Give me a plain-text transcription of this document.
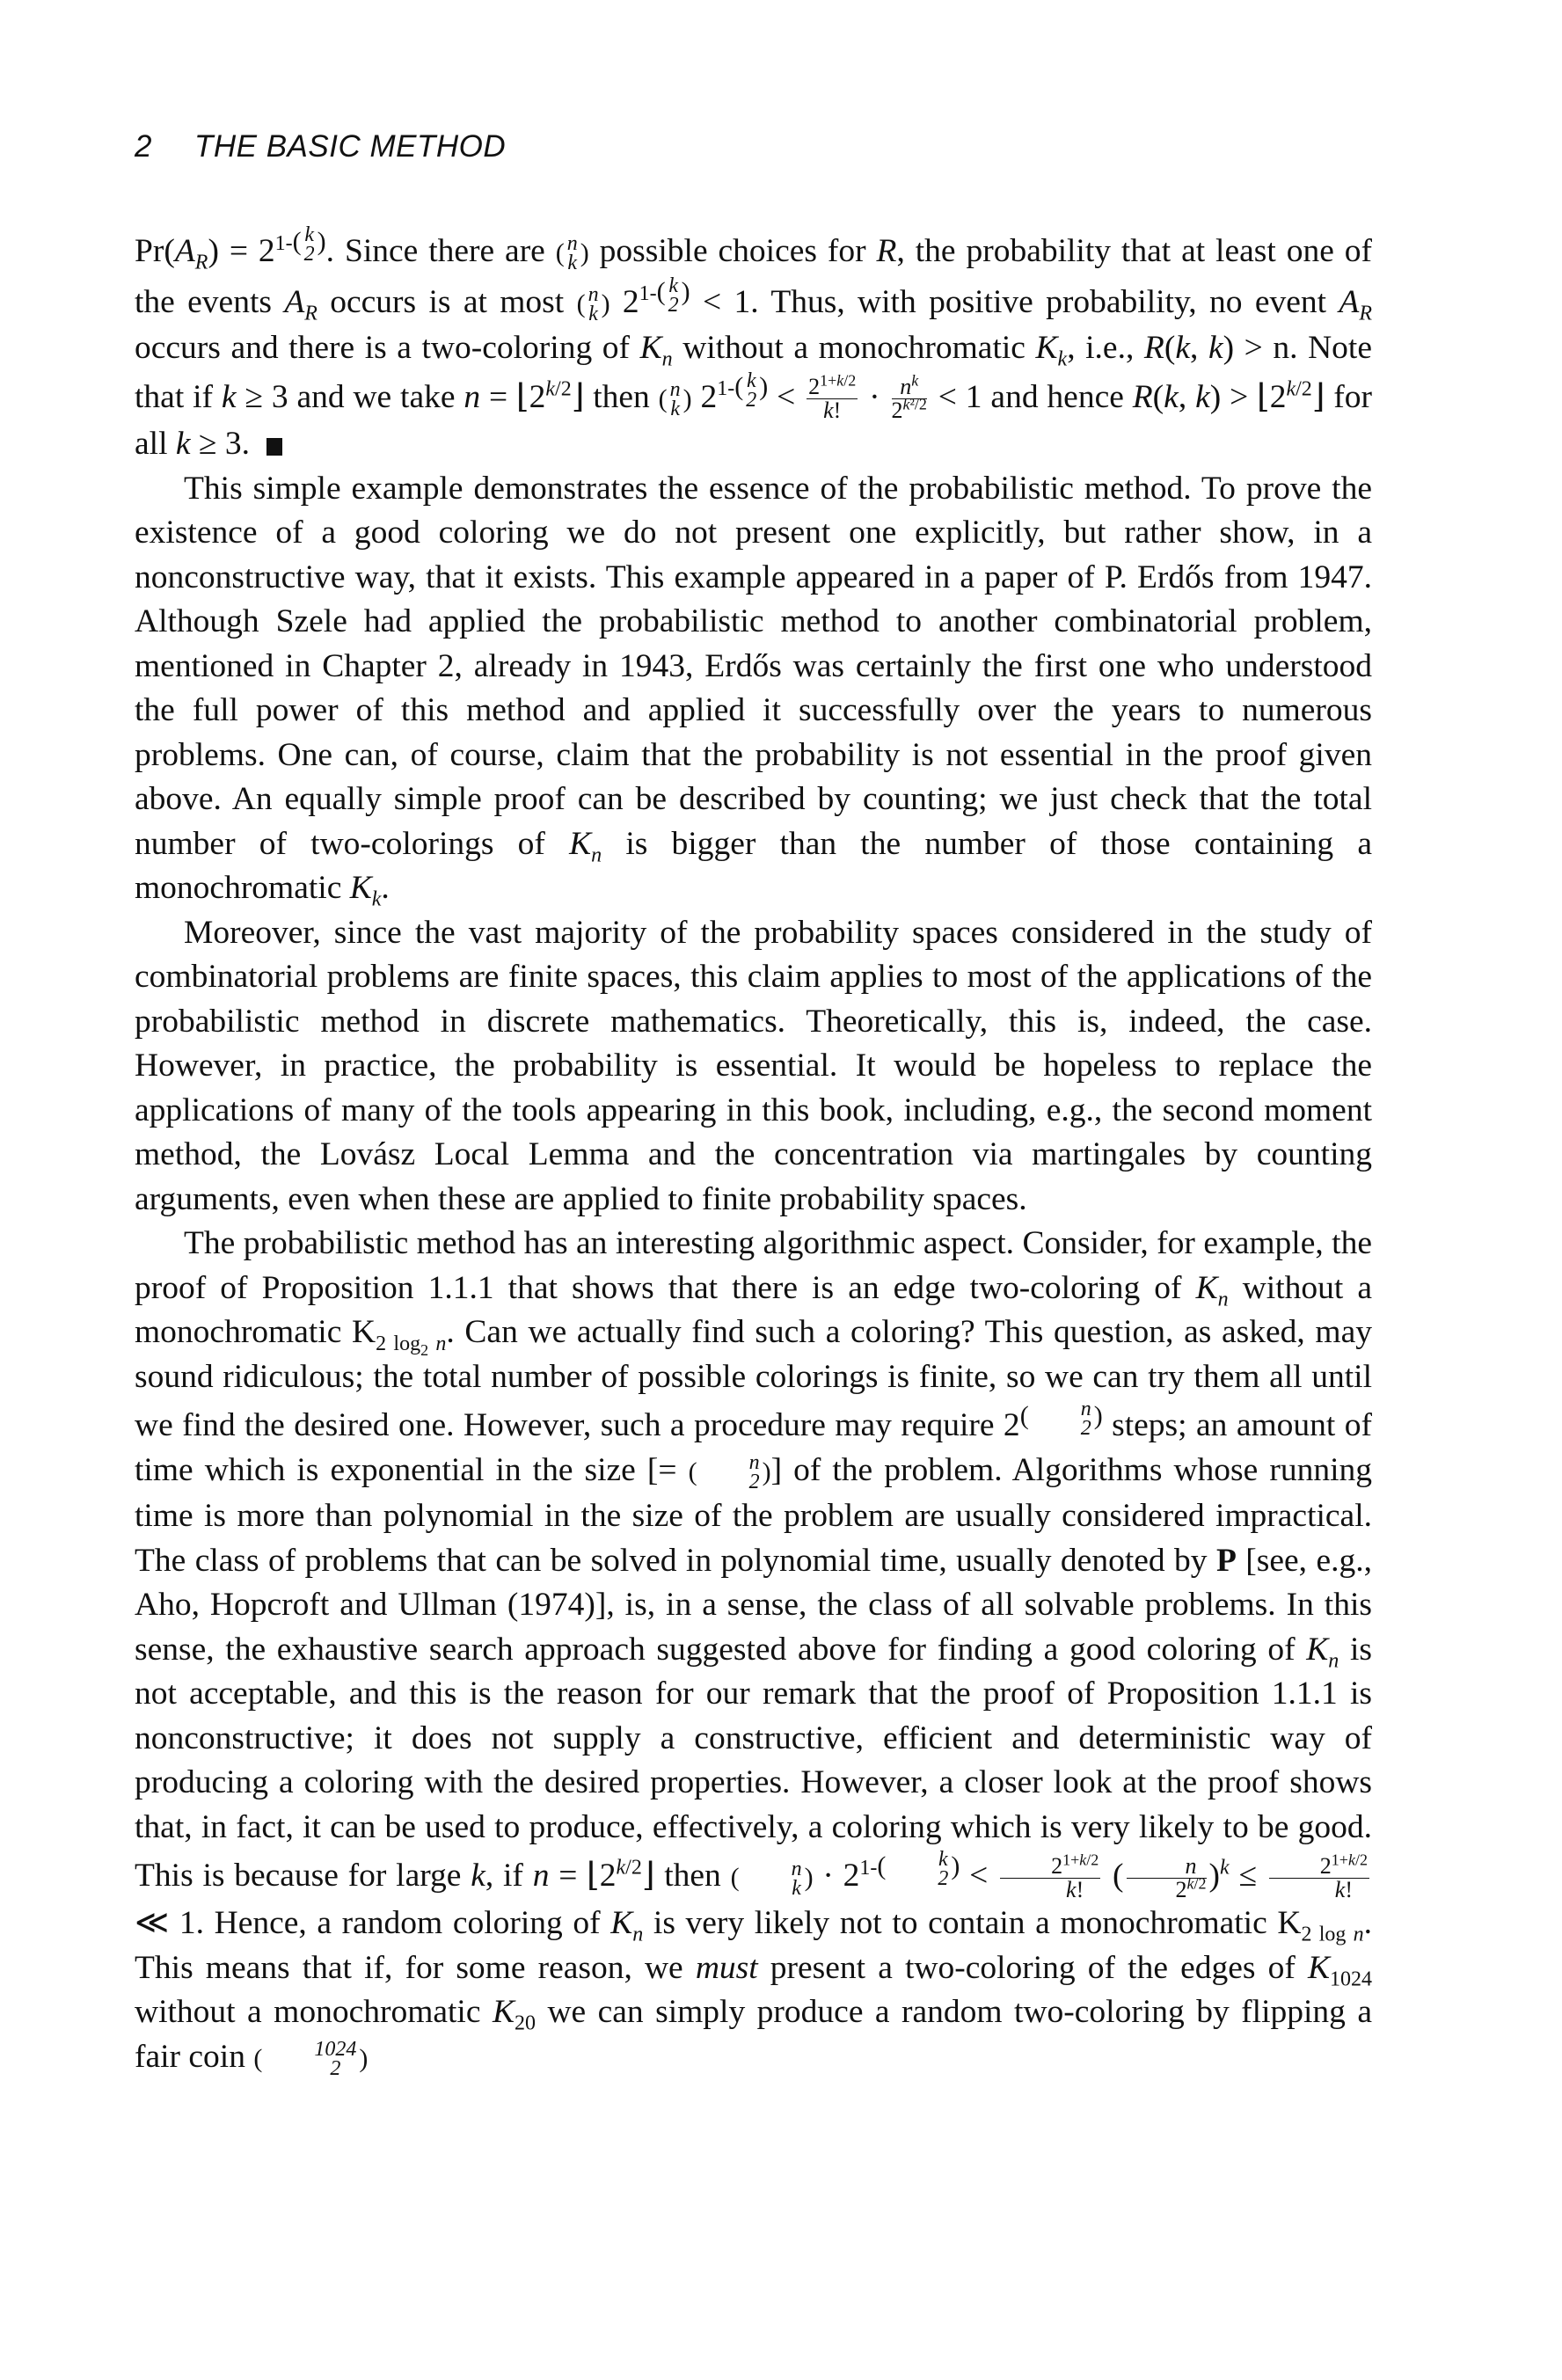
2 THE BASIC METHOD

$Pr(A_R) = 2^{1-( k 2 )}$. Since there are ( n
k ) possible choices for R, the probability that at least one of the events $A_R$ occurs is at most ( n
k ) $2^{1-( k 2 )} < 1$. Thus, with positive probability, no event $A_R$ occurs and there is a two-coloring of $K_n$ without a monochromatic $K_k$, i.e., R(k, k) > n. Note that if k ≥ 3 and we take $n = ⌊2^{k/2}⌋$ then ( n
k ) $2^{1-( k 2 )} < \frac{2^{1+k/2}}{k!} \cdot \frac{n^k}{2^{k^2/2}} < 1$ and hence R(k, $k) > ⌊2^{k/2}⌋$ for all k ≥ 3.

This simple example demonstrates the essence of the probabilistic method. To prove the existence of a good coloring we do not present one explicitly, but rather show, in a nonconstructive way, that it exists. This example appeared in a paper of P. Erdős from 1947. Although Szele had applied the probabilistic method to another combinatorial problem, mentioned in Chapter 2, already in 1943, Erdős was certainly the first one who understood the full power of this method and applied it successfully over the years to numerous problems. One can, of course, claim that the probability is not essential in the proof given above. An equally simple proof can be described by counting; we just check that the total number of two-colorings of $K_n$ is bigger than the number of those containing a monochromatic $K_k$.

Moreover, since the vast majority of the probability spaces considered in the study of combinatorial problems are finite spaces, this claim applies to most of the applications of the probabilistic method in discrete mathematics. Theoretically, this is, indeed, the case. However, in practice, the probability is essential. It would be hopeless to replace the applications of many of the tools appearing in this book, including, e.g., the second moment method, the Lovász Local Lemma and the concentration via martingales by counting arguments, even when these are applied to finite probability spaces.

The probabilistic method has an interesting algorithmic aspect. Consider, for example, the proof of Proposition 1.1.1 that shows that there is an edge two-coloring of $K_n$ without a monochromatic $K_{2 log_2 n}$. Can we actually find such a coloring? This question, as asked, may sound ridiculous; the total number of possible colorings is finite, so we can try them all until we find the desired one. However, such a procedure may require $2^{( n 2 )}$ steps; an amount of time which is exponential in the size [= (	n
2 )] of the problem. Algorithms whose running time is more than polynomial in the size of the problem are usually considered impractical. The class of problems that can be solved in polynomial time, usually denoted by P [see, e.g., Aho, Hopcroft and Ullman (1974)], is, in a sense, the class of all solvable problems. In this sense, the exhaustive search approach suggested above for finding a good coloring of $K_n$ is not acceptable, and this is the reason for our remark that the proof of Proposition 1.1.1 is nonconstructive; it does not supply a constructive, efficient and deterministic way of producing a coloring with the desired properties. However, a closer look at the proof shows that, in fact, it can be used to produce, effectively, a coloring which is very likely to be good. This is because for large k, if $n = ⌊2^{k/2}⌋$ then (	n
k ) · $2^{1-( k 2 )} < \frac{2^{1+k/2}}{k!}$ ( $\frac{n}{2^{k/2}} )^k \le \frac{2^{1+k/2}}{k!}$
≪ 1. Hence, a random coloring of $K_n$ is very likely not to contain a monochromatic $K_{2 log n}$. This means that if, for some reason, we must present a two-coloring of the edges of $K_{1024}$ without a monochromatic $K_{20}$ we can simply produce a random two-coloring by flipping a fair coin (	1024
2 )
